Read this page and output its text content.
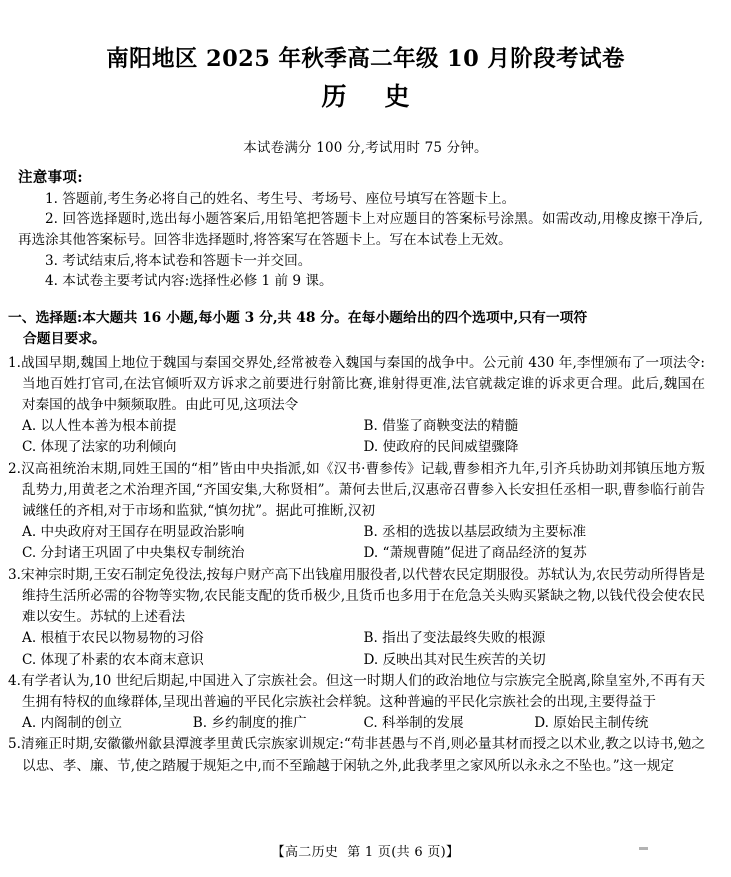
南阳地区 2025 年秋季高二年级 10 月阶段考试卷
历 史
本试卷满分 100 分,考试用时 75 分钟。
注意事项:

1. 答题前,考生务必将自己的姓名、考生号、考场号、座位号填写在答题卡上。

2. 回答选择题时,选出每小题答案后,用铅笔把答题卡上对应题目的答案标号涂黑。如需改动,用橡皮擦干净后,再选涂其他答案标号。回答非选择题时,将答案写在答题卡上。写在本试卷上无效。

3. 考试结束后,将本试卷和答题卡一并交回。

4. 本试卷主要考试内容:选择性必修 1 前 9 课。

一、选择题:本大题共 16 小题,每小题 3 分,共 48 分。在每小题给出的四个选项中,只有一项符
合题目要求。

1.战国早期,魏国上地位于魏国与秦国交界处,经常被卷入魏国与秦国的战争中。公元前 430 年,李悝颁布了一项法令:当地百姓打官司,在法官倾听双方诉求之前要进行射箭比赛,谁射得更准,法官就裁定谁的诉求更合理。此后,魏国在对秦国的战争中频频取胜。由此可见,这项法令

A. 以人性本善为根本前提	B. 借鉴了商鞅变法的精髓
C. 体现了法家的功利倾向	D. 使政府的民间威望骤降

2.汉高祖统治末期,同姓王国的“相”皆由中央指派,如《汉书·曹参传》记载,曹参相齐九年,引齐兵协助刘邦镇压地方叛乱势力,用黄老之术治理齐国,“齐国安集,大称贤相”。萧何去世后,汉惠帝召曹参入长安担任丞相一职,曹参临行前告诫继任的齐相,对于市场和监狱,“慎勿扰”。据此可推断,汉初

A. 中央政府对王国存在明显政治影响	B. 丞相的选拔以基层政绩为主要标准
C. 分封诸王巩固了中央集权专制统治	D. “萧规曹随”促进了商品经济的复苏

3.宋神宗时期,王安石制定免役法,按每户财产高下出钱雇用服役者,以代替农民定期服役。苏轼认为,农民劳动所得皆是维持生活所必需的谷物等实物,农民能支配的货币极少,且货币也多用于在危急关头购买紧缺之物,以钱代役会使农民难以安生。苏轼的上述看法

A. 根植于农民以物易物的习俗	B. 指出了变法最终失败的根源
C. 体现了朴素的农本商末意识	D. 反映出其对民生疾苦的关切

4.有学者认为,10 世纪后期起,中国进入了宗族社会。但这一时期人们的政治地位与宗族完全脱离,除皇室外,不再有天生拥有特权的血缘群体,呈现出普遍的平民化宗族社会样貌。这种普遍的平民化宗族社会的出现,主要得益于

A. 内阁制的创立	B. 乡约制度的推广	C. 科举制的发展	D. 原始民主制传统

5.清雍正时期,安徽徽州歙县潭渡孝里黄氏宗族家训规定:“苟非甚愚与不肖,则必量其材而授之以术业,教之以诗书,勉之以忠、孝、廉、节,使之踏履于规矩之中,而不至踰越于闲轨之外,此我孝里之家风所以永永之不坠也。”这一规定

【高二历史 第 1 页(共 6 页)】
